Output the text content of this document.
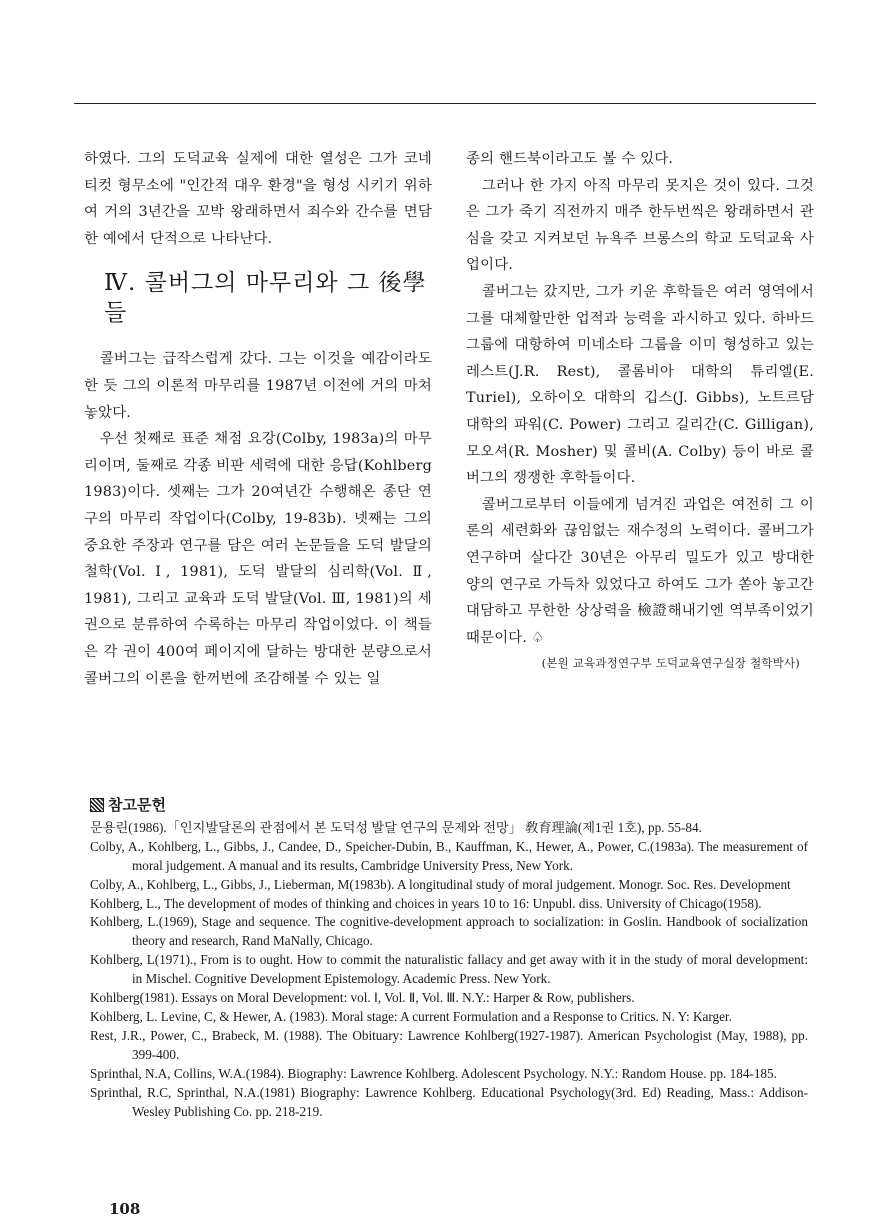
하였다. 그의 도덕교육 실제에 대한 열성은 그가 코네티컷 형무소에 "인간적 대우 환경"을 형성 시키기 위하여 거의 3년간을 꼬박 왕래하면서 죄수와 간수를 면담한 예에서 단적으로 나타난다.

Ⅳ. 콜버그의 마무리와 그 後學들

콜버그는 급작스럽게 갔다. 그는 이것을 예감이라도 한 듯 그의 이론적 마무리를 1987년 이전에 거의 마쳐놓았다.

우선 첫째로 표준 채점 요강(Colby, 1983a)의 마무리이며, 둘째로 각종 비판 세력에 대한 응답(Kohlberg 1983)이다. 셋째는 그가 20여년간 수행해온 종단 연구의 마무리 작업이다(Colby, 19-83b). 넷째는 그의 중요한 주장과 연구를 담은 여러 논문들을 도덕 발달의 철학(Vol. Ⅰ, 1981), 도덕 발달의 심리학(Vol. Ⅱ, 1981), 그리고 교육과 도덕 발달(Vol. Ⅲ, 1981)의 세권으로 분류하여 수록하는 마무리 작업이었다. 이 책들은 각 권이 400여 페이지에 달하는 방대한 분량으로서 콜버그의 이론을 한꺼번에 조감해볼 수 있는 일

종의 핸드북이라고도 볼 수 있다.

그러나 한 가지 아직 마무리 못지은 것이 있다. 그것은 그가 죽기 직전까지 매주 한두번씩은 왕래하면서 관심을 갖고 지켜보던 뉴욕주 브롱스의 학교 도덕교육 사업이다.

콜버그는 갔지만, 그가 키운 후학들은 여러 영역에서 그를 대체할만한 업적과 능력을 과시하고 있다. 하바드 그룹에 대항하여 미네소타 그룹을 이미 형성하고 있는 레스트(J.R. Rest), 콜롬비아 대학의 튜리엘(E. Turiel), 오하이오 대학의 깁스(J. Gibbs), 노트르담 대학의 파워(C. Power) 그리고 길리간(C. Gilligan), 모오셔(R. Mosher) 및 콜비(A. Colby) 등이 바로 콜버그의 쟁쟁한 후학들이다.

콜버그로부터 이들에게 넘겨진 과업은 여전히 그 이론의 세련화와 끊임없는 재수정의 노력이다. 콜버그가 연구하며 살다간 30년은 아무리 밀도가 있고 방대한 양의 연구로 가득차 있었다고 하여도 그가 쏟아 놓고간 대담하고 무한한 상상력을 檢證해내기엔 역부족이었기 때문이다. ♤

(본원 교육과정연구부 도덕교육연구실장 철학박사)

참고문헌

문용린(1986).「인지발달론의 관점에서 본 도덕성 발달 연구의 문제와 전망」 敎育理論(제1권 1호), pp. 55-84.

Colby, A., Kohlberg, L., Gibbs, J., Candee, D., Speicher-Dubin, B., Kauffman, K., Hewer, A., Power, C.(1983a). The measurement of moral judgement. A manual and its results, Cambridge University Press, New York.

Colby, A., Kohlberg, L., Gibbs, J., Lieberman, M(1983b). A longitudinal study of moral judgement. Monogr. Soc. Res. Development

Kohlberg, L., The development of modes of thinking and choices in years 10 to 16: Unpubl. diss. University of Chicago(1958).

Kohlberg, L.(1969), Stage and sequence. The cognitive-development approach to socialization: in Goslin. Handbook of socialization theory and research, Rand MaNally, Chicago.

Kohlberg, L(1971)., From is to ought. How to commit the naturalistic fallacy and get away with it in the study of moral development: in Mischel. Cognitive Development Epistemology. Academic Press. New York.

Kohlberg(1981). Essays on Moral Development: vol. Ⅰ, Vol. Ⅱ, Vol. Ⅲ. N.Y.: Harper & Row, publishers.

Kohlberg, L. Levine, C, & Hewer, A. (1983). Moral stage: A current Formulation and a Response to Critics. N. Y: Karger.

Rest, J.R., Power, C., Brabeck, M. (1988). The Obituary: Lawrence Kohlberg(1927-1987). American Psychologist (May, 1988), pp. 399-400.

Sprinthal, N.A, Collins, W.A.(1984). Biography: Lawrence Kohlberg. Adolescent Psychology. N.Y.: Random House. pp. 184-185.

Sprinthal, R.C, Sprinthal, N.A.(1981) Biography: Lawrence Kohlberg. Educational Psychology(3rd. Ed) Reading, Mass.: Addison-Wesley Publishing Co. pp. 218-219.

108
